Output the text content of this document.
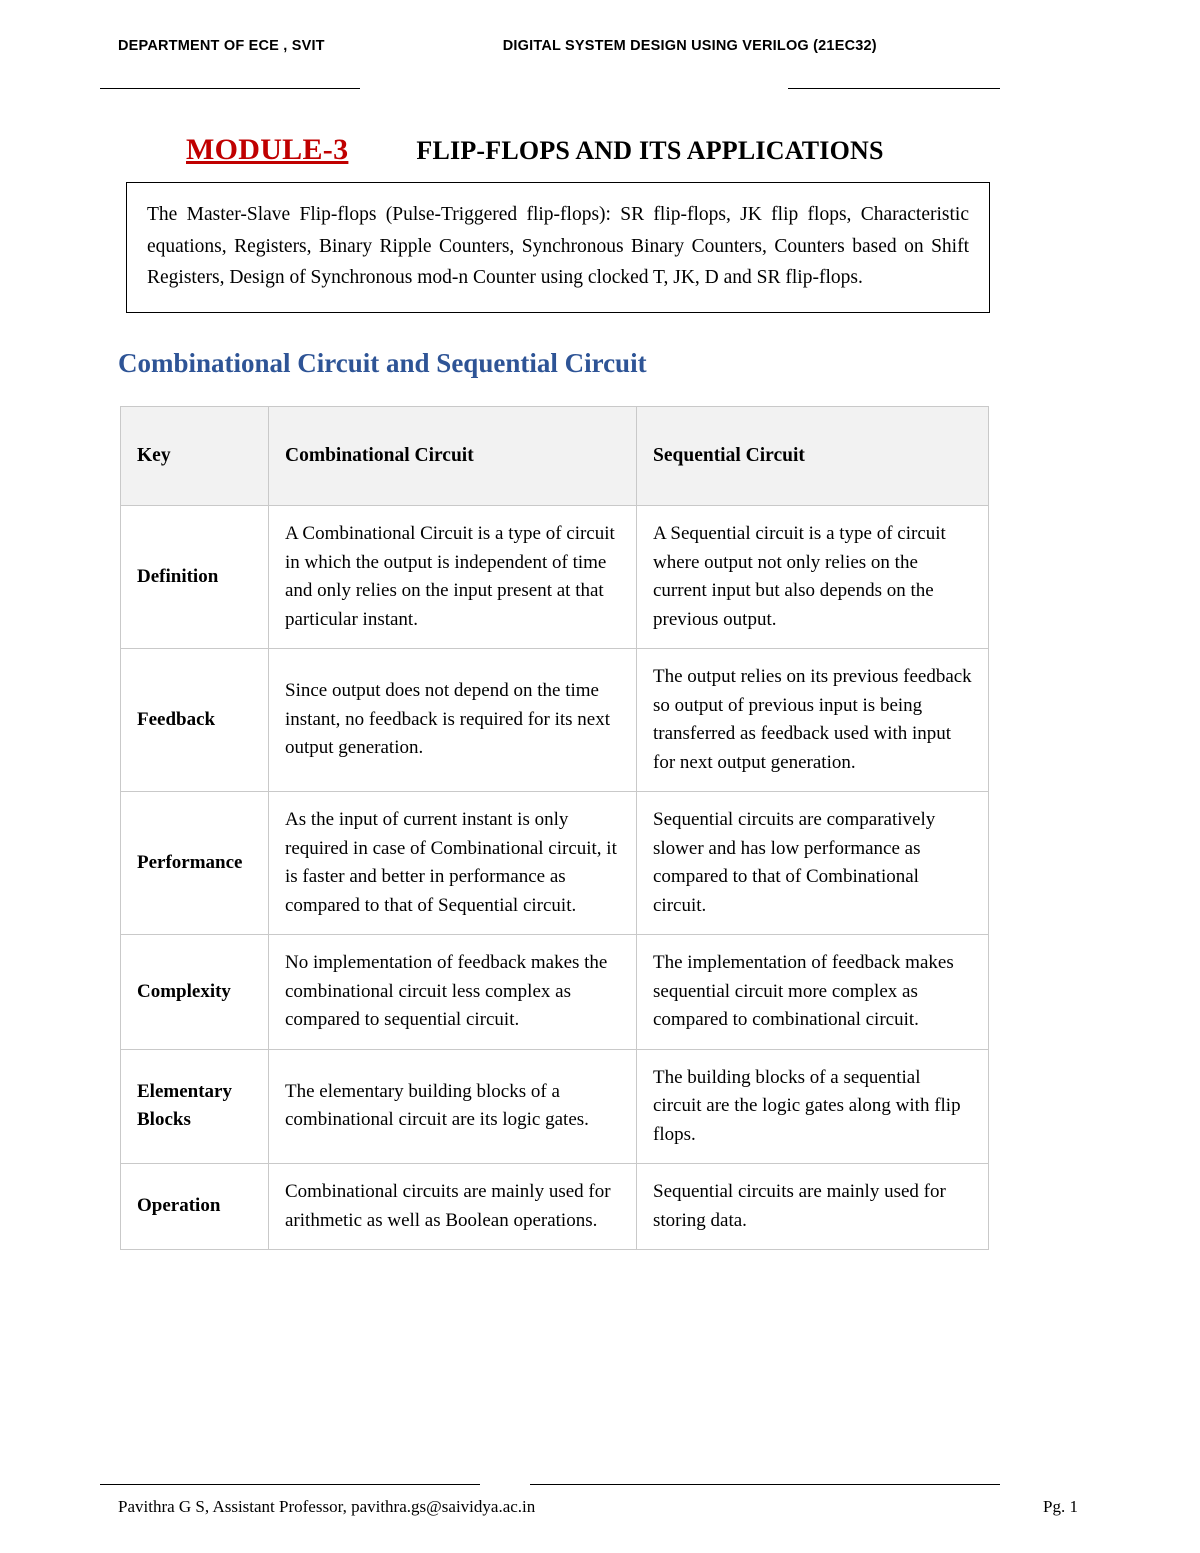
DEPARTMENT OF ECE , SVIT	DIGITAL SYSTEM DESIGN USING VERILOG (21EC32)
MODULE-3	FLIP-FLOPS AND ITS APPLICATIONS
The Master-Slave Flip-flops (Pulse-Triggered flip-flops): SR flip-flops, JK flip flops, Characteristic equations, Registers, Binary Ripple Counters, Synchronous Binary Counters, Counters based on Shift Registers, Design of Synchronous mod-n Counter using clocked T, JK, D and SR flip-flops.
Combinational Circuit and Sequential Circuit
Key	Combinational Circuit	Sequential Circuit
Definition	A Combinational Circuit is a type of circuit in which the output is independent of time and only relies on the input present at that particular instant.	A Sequential circuit is a type of circuit where output not only relies on the current input but also depends on the previous output.
Feedback	Since output does not depend on the time instant, no feedback is required for its next output generation.	The output relies on its previous feedback so output of previous input is being transferred as feedback used with input for next output generation.
Performance	As the input of current instant is only required in case of Combinational circuit, it is faster and better in performance as compared to that of Sequential circuit.	Sequential circuits are comparatively slower and has low performance as compared to that of Combinational circuit.
Complexity	No implementation of feedback makes the combinational circuit less complex as compared to sequential circuit.	The implementation of feedback makes sequential circuit more complex as compared to combinational circuit.
Elementary Blocks	The elementary building blocks of a combinational circuit are its logic gates.	The building blocks of a sequential circuit are the logic gates along with flip flops.
Operation	Combinational circuits are mainly used for arithmetic as well as Boolean operations.	Sequential circuits are mainly used for storing data.
Pavithra G S, Assistant Professor, pavithra.gs@saividya.ac.in	Pg. 1
